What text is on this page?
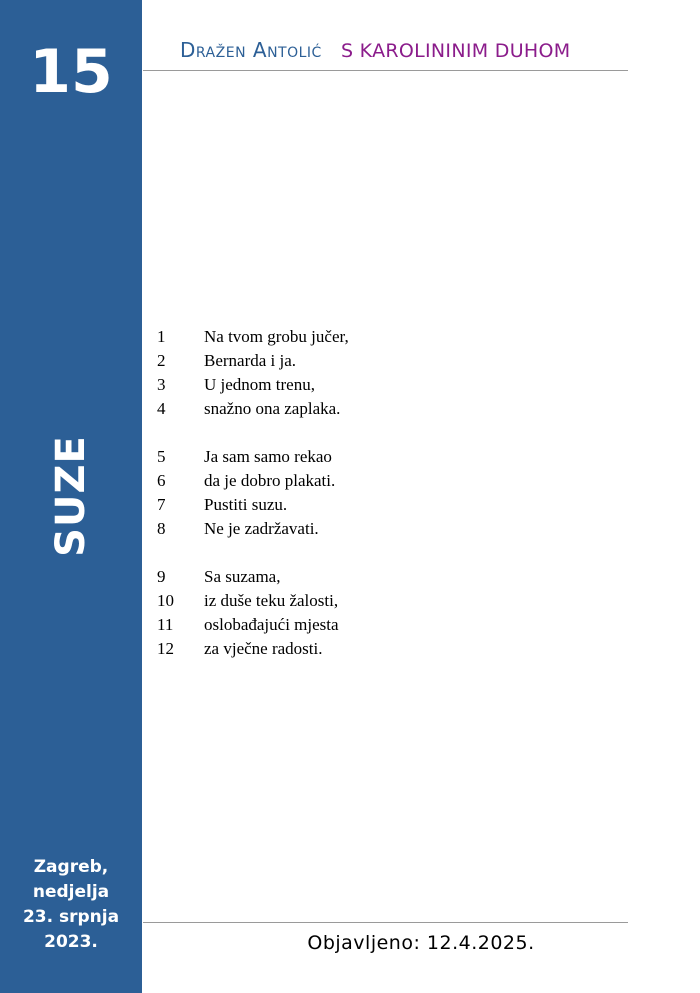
15
SUZE
Zagreb,
nedjelja
23. srpnja
2023.
Dražen Antolić S KAROLININIM DUHOM
1	Na tvom grobu jučer,
2	Bernarda i ja.
3	U jednom trenu,
4	snažno ona zaplaka.
5	Ja sam samo rekao
6	da je dobro plakati.
7	Pustiti suzu.
8	Ne je zadržavati.
9	Sa suzama,
10	iz duše teku žalosti,
11	oslobađajući mjesta
12	za vječne radosti.
Objavljeno: 12.4.2025.
